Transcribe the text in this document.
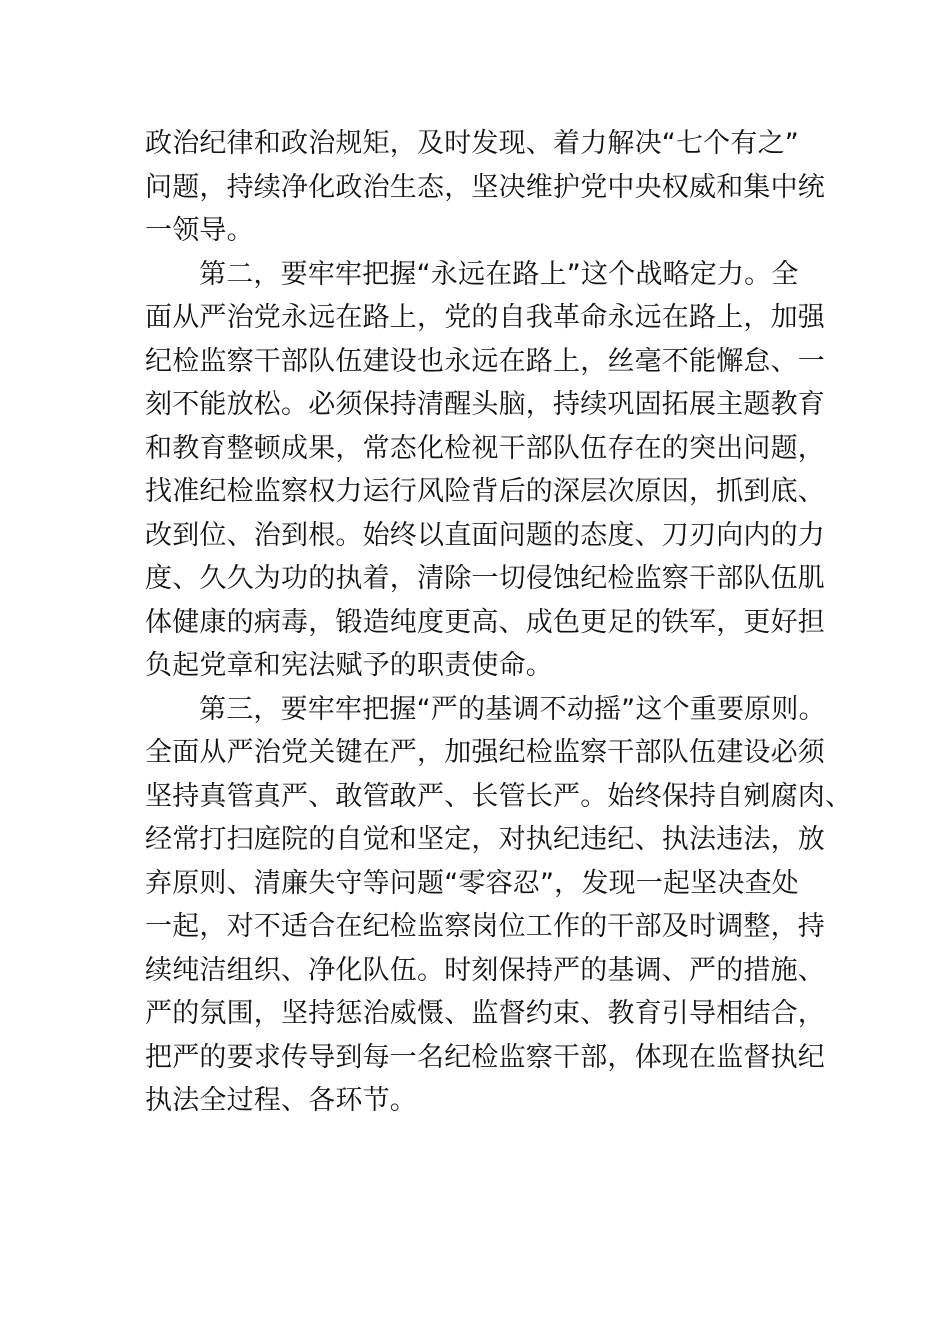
政治纪律和政治规矩，及时发现、着力解决“七个有之”
问题，持续净化政治生态，坚决维护党中央权威和集中统
一领导。
第二，要牢牢把握“永远在路上”这个战略定力。全
面从严治党永远在路上，党的自我革命永远在路上，加强
纪检监察干部队伍建设也永远在路上，丝毫不能懈怠、一
刻不能放松。必须保持清醒头脑，持续巩固拓展主题教育
和教育整顿成果，常态化检视干部队伍存在的突出问题，
找准纪检监察权力运行风险背后的深层次原因，抓到底、
改到位、治到根。始终以直面问题的态度、刀刃向内的力
度、久久为功的执着，清除一切侵蚀纪检监察干部队伍肌
体健康的病毒，锻造纯度更高、成色更足的铁军，更好担
负起党章和宪法赋予的职责使命。
第三，要牢牢把握“严的基调不动摇”这个重要原则。
全面从严治党关键在严，加强纪检监察干部队伍建设必须
坚持真管真严、敢管敢严、长管长严。始终保持自剜腐肉、
经常打扫庭院的自觉和坚定，对执纪违纪、执法违法，放
弃原则、清廉失守等问题“零容忍”，发现一起坚决查处
一起，对不适合在纪检监察岗位工作的干部及时调整，持
续纯洁组织、净化队伍。时刻保持严的基调、严的措施、
严的氛围，坚持惩治威慑、监督约束、教育引导相结合，
把严的要求传导到每一名纪检监察干部，体现在监督执纪
执法全过程、各环节。
